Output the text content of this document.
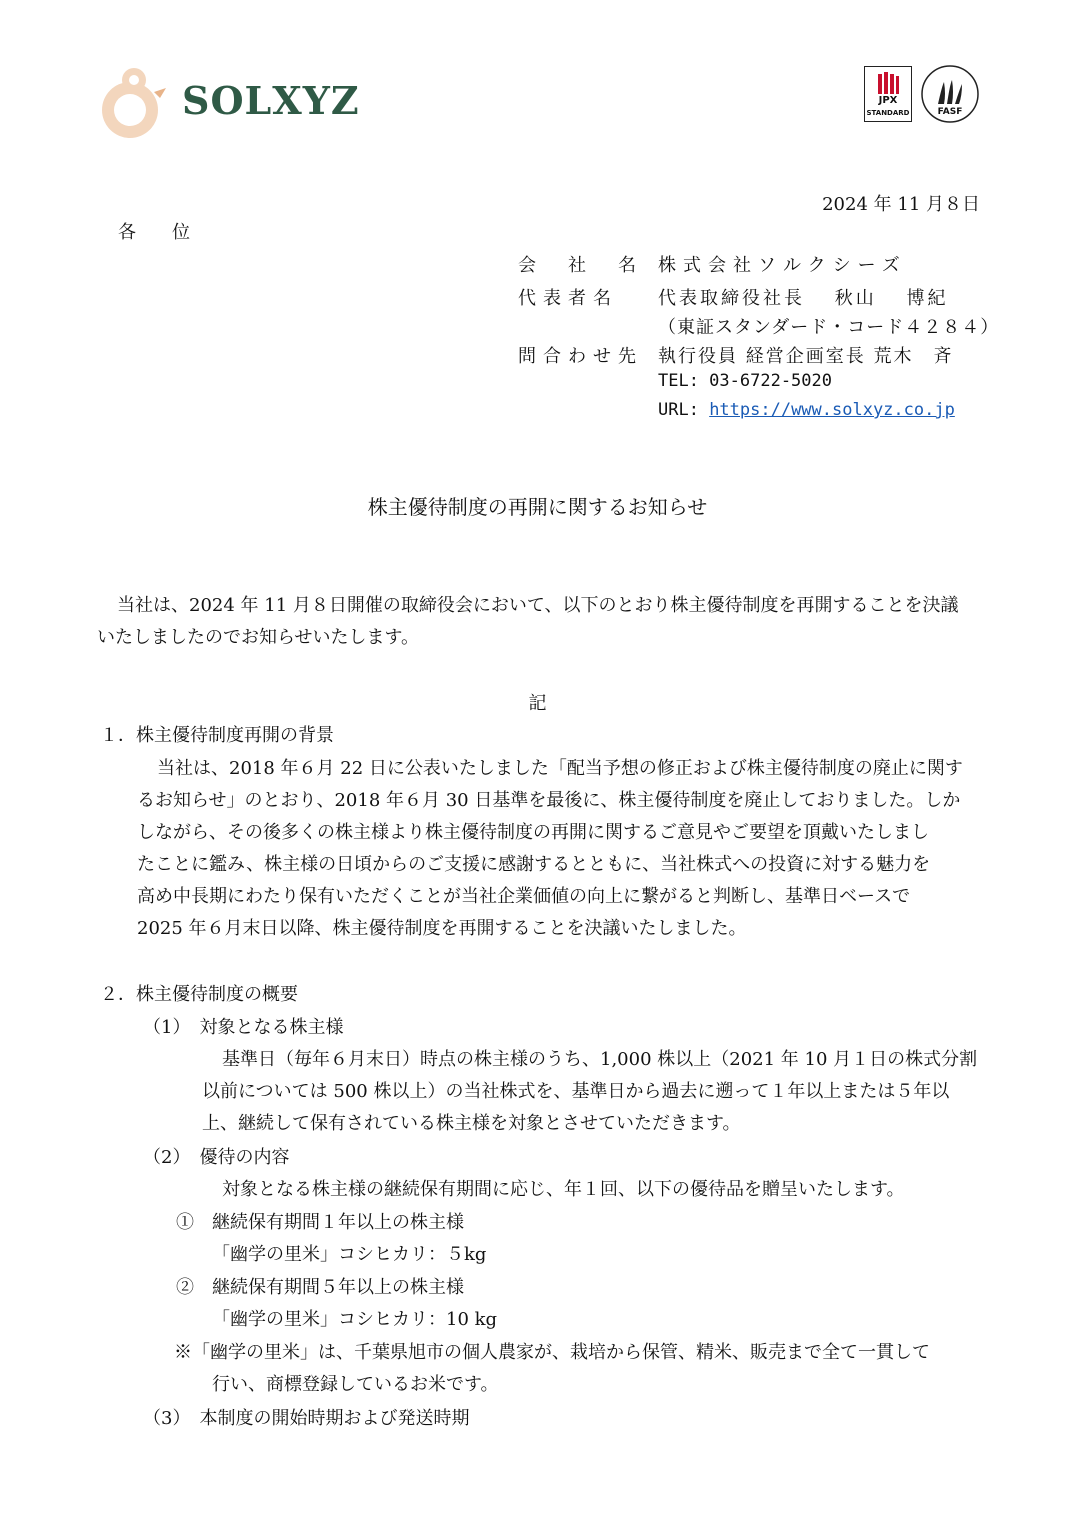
SOLXYZ	JPX
STANDARD	FASF
2024 年 11 月８日
各　　位
会　社　名 株式会社ソルクシーズ
代表者名 代表取締役社長　 秋山　 博紀
（東証スタンダード・コード４２８４）
問合わせ先 執行役員 経営企画室長 荒木　斉
TEL: 03-6722-5020
URL: https://www.solxyz.co.jp
株主優待制度の再開に関するお知らせ
当社は、2024 年 11 月８日開催の取締役会において、以下のとおり株主優待制度を再開することを決議
いたしましたのでお知らせいたします。
記
１．株主優待制度再開の背景
当社は、2018 年６月 22 日に公表いたしました「配当予想の修正および株主優待制度の廃止に関す
るお知らせ」のとおり、2018 年６月 30 日基準を最後に、株主優待制度を廃止しておりました。しか
しながら、その後多くの株主様より株主優待制度の再開に関するご意見やご要望を頂戴いたしまし
たことに鑑み、株主様の日頃からのご支援に感謝するとともに、当社株式への投資に対する魅力を
高め中長期にわたり保有いただくことが当社企業価値の向上に繋がると判断し、基準日ベースで
2025 年６月末日以降、株主優待制度を再開することを決議いたしました。
２．株主優待制度の概要
（1）　対象となる株主様
基準日（毎年６月末日）時点の株主様のうち、1,000 株以上（2021 年 10 月１日の株式分割
以前については 500 株以上）の当社株式を、基準日から過去に遡って１年以上または５年以
上、継続して保有されている株主様を対象とさせていただきます。
（2）　優待の内容
対象となる株主様の継続保有期間に応じ、年１回、以下の優待品を贈呈いたします。
①　継続保有期間１年以上の株主様
「幽学の里米」コシヒカリ：５kg
②　継続保有期間５年以上の株主様
「幽学の里米」コシヒカリ：10 kg
※「幽学の里米」は、千葉県旭市の個人農家が、栽培から保管、精米、販売まで全て一貫して
行い、商標登録しているお米です。
（3）　本制度の開始時期および発送時期
